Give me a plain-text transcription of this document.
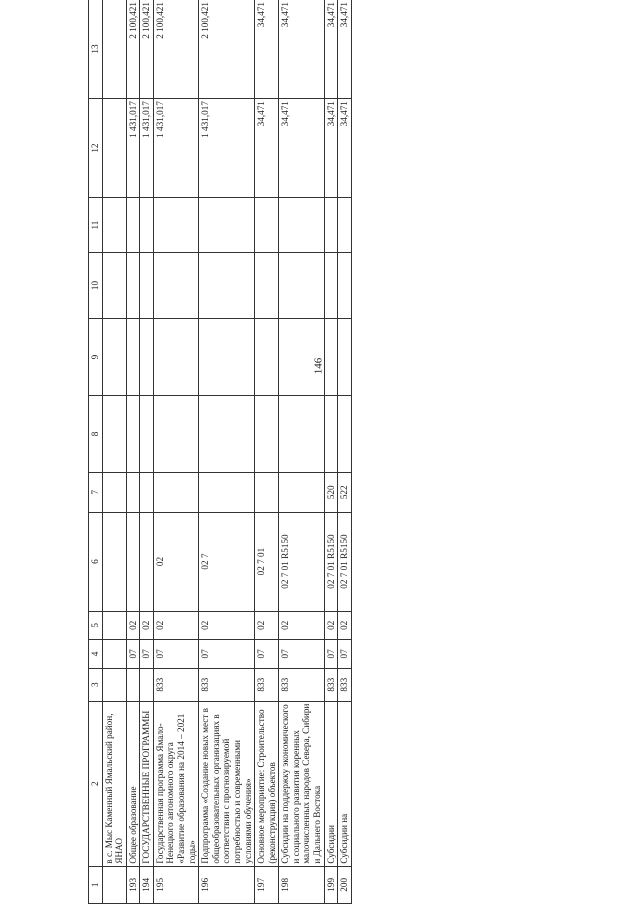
146
1	2	3	4	5	6	7	8	9	10	11	12	13
	в с. Мыс Каменный Ямальский район, ЯНАО											
193	Общее образование		07	02							1 431,017	2 100,421
194	ГОСУДАРСТВЕННЫЕ ПРОГРАММЫ		07	02							1 431,017	2 100,421
195	Государственная программа Ямало-Ненецкого автономного округа «Развитие образования на 2014 – 2021 годы»	833	07	02	02						1 431,017	2 100,421
196	Подпрограмма «Создание новых мест в общеобразовательных организациях в соответствии с прогнозируемой потребностью и современными условиями обучения»	833	07	02	02 7						1 431,017	2 100,421
197	Основное мероприятие: Строительство (реконструкция) объектов	833	07	02	02 7 01						34,471	34,471
198	Субсидии на поддержку экономического и социального развития коренных малочисленных народов Севера, Сибири и Дальнего Востока	833	07	02	02 7 01 R5150						34,471	34,471
199	Субсидии	833	07	02	02 7 01 R5150	520					34,471	34,471
200	Субсидии на	833	07	02	02 7 01 R5150	522					34,471	34,471
